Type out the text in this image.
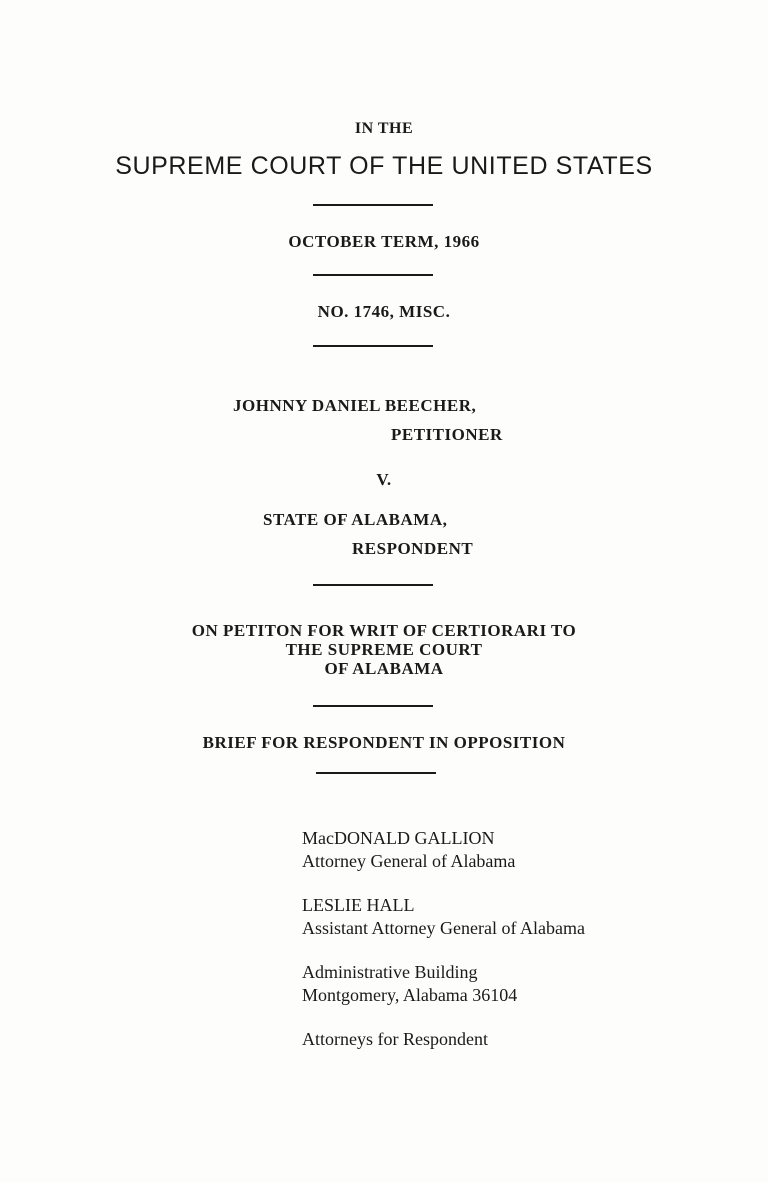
IN THE
SUPREME COURT OF THE UNITED STATES
OCTOBER TERM, 1966
NO. 1746, MISC.
JOHNNY DANIEL BEECHER,
PETITIONER
V.
STATE OF ALABAMA,
RESPONDENT
ON PETITON FOR WRIT OF CERTIORARI TO
THE SUPREME COURT
OF ALABAMA
BRIEF FOR RESPONDENT IN OPPOSITION
MacDONALD GALLION
Attorney General of Alabama
LESLIE HALL
Assistant Attorney General of Alabama
Administrative Building
Montgomery, Alabama 36104
Attorneys for Respondent
